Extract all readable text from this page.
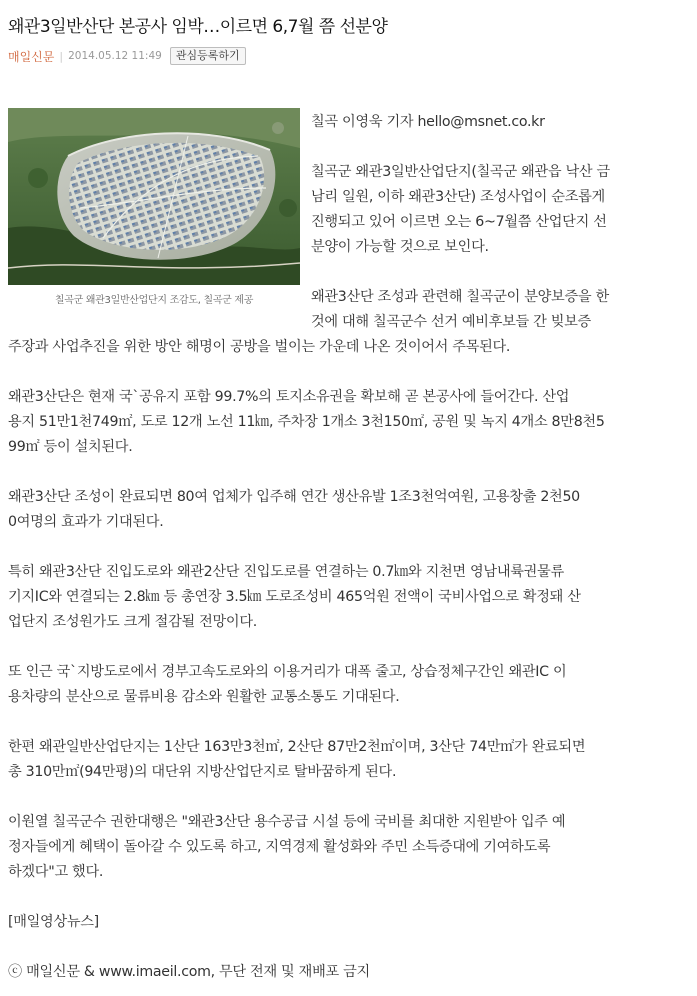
왜관3일반산단 본공사 임박…이르면 6,7월 쯤 선분양
매일신문 | 2014.05.12 11:49	관심등록하기
칠곡군 왜관3일반산업단지 조감도, 칠곡군 제공

칠곡 이영욱 기자 hello@msnet.co.kr

칠곡군 왜관3일반산업단지(칠곡군 왜관읍 낙산 금
남리 일원, 이하 왜관3산단) 조성사업이 순조롭게
진행되고 있어 이르면 오는 6~7월쯤 산업단지 선
분양이 가능할 것으로 보인다.

왜관3산단 조성과 관련해 칠곡군이 분양보증을 한
것에 대해 칠곡군수 선거 예비후보들 간 빚보증
주장과 사업추진을 위한 방안 해명이 공방을 벌이는 가운데 나온 것이어서 주목된다.

왜관3산단은 현재 국`공유지 포함 99.7%의 토지소유권을 확보해 곧 본공사에 들어간다. 산업
용지 51만1천749㎡, 도로 12개 노선 11㎞, 주차장 1개소 3천150㎡, 공원 및 녹지 4개소 8만8천5
99㎡ 등이 설치된다.

왜관3산단 조성이 완료되면 80여 업체가 입주해 연간 생산유발 1조3천억여원, 고용창출 2천50
0여명의 효과가 기대된다.

특히 왜관3산단 진입도로와 왜관2산단 진입도로를 연결하는 0.7㎞와 지천면 영남내륙권물류
기지IC와 연결되는 2.8㎞ 등 총연장 3.5㎞ 도로조성비 465억원 전액이 국비사업으로 확정돼 산
업단지 조성원가도 크게 절감될 전망이다.

또 인근 국`지방도로에서 경부고속도로와의 이용거리가 대폭 줄고, 상습정체구간인 왜관IC 이
용차량의 분산으로 물류비용 감소와 원활한 교통소통도 기대된다.

한편 왜관일반산업단지는 1산단 163만3천㎡, 2산단 87만2천㎡이며, 3산단 74만㎡가 완료되면
총 310만㎡(94만평)의 대단위 지방산업단지로 탈바꿈하게 된다.

이원열 칠곡군수 권한대행은 "왜관3산단 용수공급 시설 등에 국비를 최대한 지원받아 입주 예
정자들에게 혜택이 돌아갈 수 있도록 하고, 지역경제 활성화와 주민 소득증대에 기여하도록
하겠다"고 했다.

[매일영상뉴스]

ⓒ 매일신문 & www.imaeil.com, 무단 전재 및 재배포 금지
